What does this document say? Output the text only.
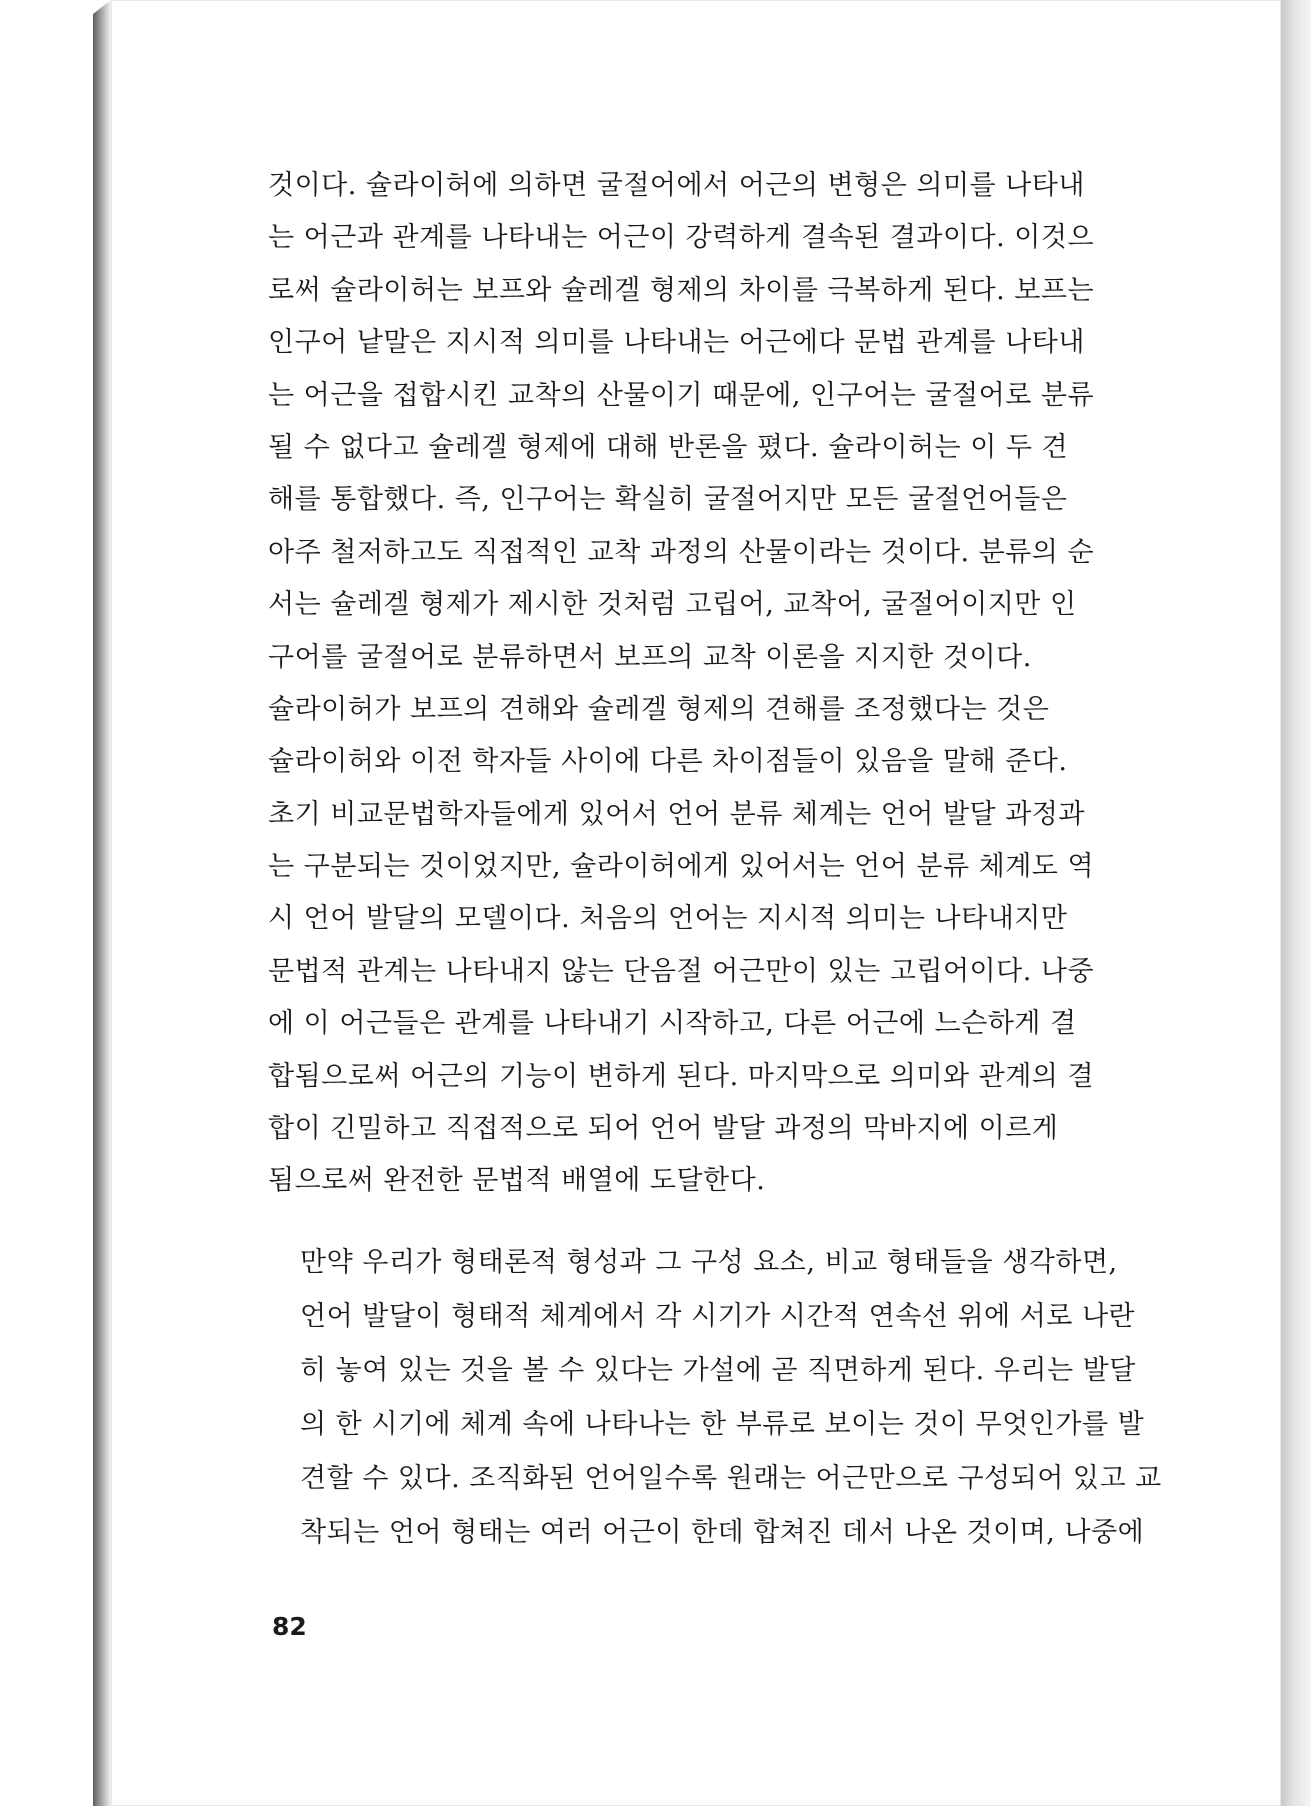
것이다. 슐라이허에 의하면 굴절어에서 어근의 변형은 의미를 나타내
는 어근과 관계를 나타내는 어근이 강력하게 결속된 결과이다. 이것으
로써 슐라이허는 보프와 슐레겔 형제의 차이를 극복하게 된다. 보프는
인구어 낱말은 지시적 의미를 나타내는 어근에다 문법 관계를 나타내
는 어근을 접합시킨 교착의 산물이기 때문에, 인구어는 굴절어로 분류
될 수 없다고 슐레겔 형제에 대해 반론을 폈다. 슐라이허는 이 두 견
해를 통합했다. 즉, 인구어는 확실히 굴절어지만 모든 굴절언어들은
아주 철저하고도 직접적인 교착 과정의 산물이라는 것이다. 분류의 순
서는 슐레겔 형제가 제시한 것처럼 고립어, 교착어, 굴절어이지만 인
구어를 굴절어로 분류하면서 보프의 교착 이론을 지지한 것이다.
슐라이허가 보프의 견해와 슐레겔 형제의 견해를 조정했다는 것은
슐라이허와 이전 학자들 사이에 다른 차이점들이 있음을 말해 준다.
초기 비교문법학자들에게 있어서 언어 분류 체계는 언어 발달 과정과
는 구분되는 것이었지만, 슐라이허에게 있어서는 언어 분류 체계도 역
시 언어 발달의 모델이다. 처음의 언어는 지시적 의미는 나타내지만
문법적 관계는 나타내지 않는 단음절 어근만이 있는 고립어이다. 나중
에 이 어근들은 관계를 나타내기 시작하고, 다른 어근에 느슨하게 결
합됨으로써 어근의 기능이 변하게 된다. 마지막으로 의미와 관계의 결
합이 긴밀하고 직접적으로 되어 언어 발달 과정의 막바지에 이르게
됨으로써 완전한 문법적 배열에 도달한다.
만약 우리가 형태론적 형성과 그 구성 요소, 비교 형태들을 생각하면,
언어 발달이 형태적 체계에서 각 시기가 시간적 연속선 위에 서로 나란
히 놓여 있는 것을 볼 수 있다는 가설에 곧 직면하게 된다. 우리는 발달
의 한 시기에 체계 속에 나타나는 한 부류로 보이는 것이 무엇인가를 발
견할 수 있다. 조직화된 언어일수록 원래는 어근만으로 구성되어 있고 교
착되는 언어 형태는 여러 어근이 한데 합쳐진 데서 나온 것이며, 나중에
82
